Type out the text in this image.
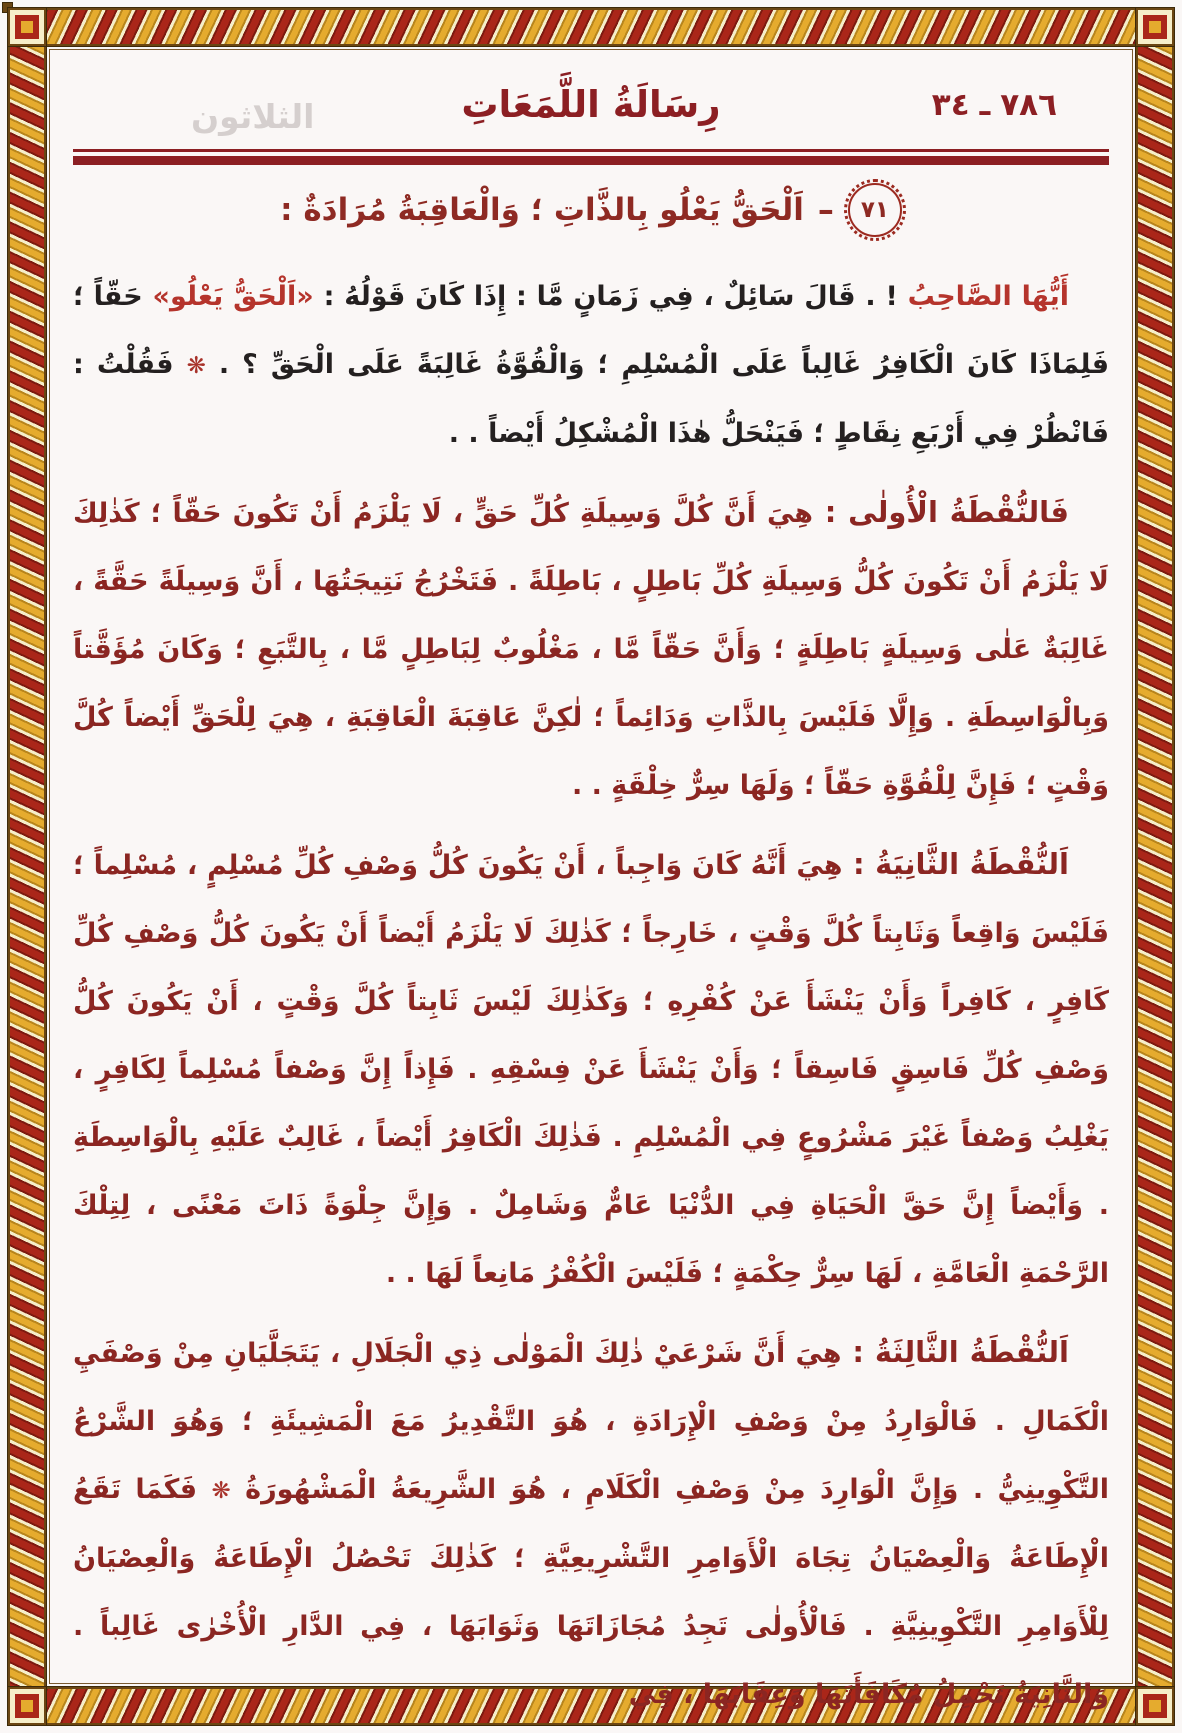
الثلاثون	رِسَالَةُ اللَّمَعَاتِ	٣٤ ـ ٧٨٦
٧١
–
اَلْحَقُّ يَعْلُو بِالذَّاتِ ؛ وَالْعَاقِبَةُ مُرَادَةٌ :

أَيُّهَا الصَّاحِبُ ! . قَالَ سَائِلٌ ، فِي زَمَانٍ مَّا : إِذَا كَانَ قَوْلُهُ : «اَلْحَقُّ يَعْلُو» حَقّاً ؛ فَلِمَاذَا كَانَ الْكَافِرُ غَالِباً عَلَى الْمُسْلِمِ ؛ وَالْقُوَّةُ غَالِبَةً عَلَى الْحَقِّ ؟ . ❋ فَقُلْتُ : فَانْظُرْ فِي أَرْبَعِ نِقَاطٍ ؛ فَيَنْحَلُّ هٰذَا الْمُشْكِلُ أَيْضاً . .

فَالنُّقْطَةُ الْأُولٰى : هِيَ أَنَّ كُلَّ وَسِيلَةِ كُلِّ حَقٍّ ، لَا يَلْزَمُ أَنْ تَكُونَ حَقّاً ؛ كَذٰلِكَ لَا يَلْزَمُ أَنْ تَكُونَ كُلُّ وَسِيلَةِ كُلِّ بَاطِلٍ ، بَاطِلَةً . فَتَخْرُجُ نَتِيجَتُهَا ، أَنَّ وَسِيلَةً حَقَّةً ، غَالِبَةٌ عَلٰى وَسِيلَةٍ بَاطِلَةٍ ؛ وَأَنَّ حَقّاً مَّا ، مَغْلُوبٌ لِبَاطِلٍ مَّا ، بِالتَّبَعِ ؛ وَكَانَ مُؤَقَّتاً وَبِالْوَاسِطَةِ . وَإِلَّا فَلَيْسَ بِالذَّاتِ وَدَائِماً ؛ لٰكِنَّ عَاقِبَةَ الْعَاقِبَةِ ، هِيَ لِلْحَقِّ أَيْضاً كُلَّ وَقْتٍ ؛ فَإِنَّ لِلْقُوَّةِ حَقّاً ؛ وَلَهَا سِرٌّ خِلْقَةٍ . .

اَلنُّقْطَةُ الثَّانِيَةُ : هِيَ أَنَّهُ كَانَ وَاجِباً ، أَنْ يَكُونَ كُلُّ وَصْفِ كُلِّ مُسْلِمٍ ، مُسْلِماً ؛ فَلَيْسَ وَاقِعاً وَثَابِتاً كُلَّ وَقْتٍ ، خَارِجاً ؛ كَذٰلِكَ لَا يَلْزَمُ أَيْضاً أَنْ يَكُونَ كُلُّ وَصْفِ كُلِّ كَافِرٍ ، كَافِراً وَأَنْ يَنْشَأَ عَنْ كُفْرِهِ ؛ وَكَذٰلِكَ لَيْسَ ثَابِتاً كُلَّ وَقْتٍ ، أَنْ يَكُونَ كُلُّ وَصْفِ كُلِّ فَاسِقٍ فَاسِقاً ؛ وَأَنْ يَنْشَأَ عَنْ فِسْقِهِ . فَإِذاً إِنَّ وَصْفاً مُسْلِماً لِكَافِرٍ ، يَغْلِبُ وَصْفاً غَيْرَ مَشْرُوعٍ فِي الْمُسْلِمِ . فَذٰلِكَ الْكَافِرُ أَيْضاً ، غَالِبٌ عَلَيْهِ بِالْوَاسِطَةِ . وَأَيْضاً إِنَّ حَقَّ الْحَيَاةِ فِي الدُّنْيَا عَامٌّ وَشَامِلٌ . وَإِنَّ جِلْوَةً ذَاتَ مَعْنًى ، لِتِلْكَ الرَّحْمَةِ الْعَامَّةِ ، لَهَا سِرٌّ حِكْمَةٍ ؛ فَلَيْسَ الْكُفْرُ مَانِعاً لَهَا . .

اَلنُّقْطَةُ الثَّالِثَةُ : هِيَ أَنَّ شَرْعَيْ ذٰلِكَ الْمَوْلٰى ذِي الْجَلَالِ ، يَتَجَلَّيَانِ مِنْ وَصْفَيِ الْكَمَالِ . فَالْوَارِدُ مِنْ وَصْفِ الْإِرَادَةِ ، هُوَ التَّقْدِيرُ مَعَ الْمَشِيئَةِ ؛ وَهُوَ الشَّرْعُ التَّكْوِينِيُّ . وَإِنَّ الْوَارِدَ مِنْ وَصْفِ الْكَلَامِ ، هُوَ الشَّرِيعَةُ الْمَشْهُورَةُ ❋ فَكَمَا تَقَعُ الْإِطَاعَةُ وَالْعِصْيَانُ تِجَاهَ الْأَوَامِرِ التَّشْرِيعِيَّةِ ؛ كَذٰلِكَ تَحْصُلُ الْإِطَاعَةُ وَالْعِصْيَانُ لِلْأَوَامِرِ التَّكْوِينِيَّةِ . فَالْأُولٰى تَجِدُ مُجَازَاتَهَا وَثَوَابَهَا ، فِي الدَّارِ الْأُخْرٰى غَالِباً . وَالثَّانِيَةُ تَحْمِلُ مُكَافَأَتَهَا وَعِقَابَهَا ، فِي
